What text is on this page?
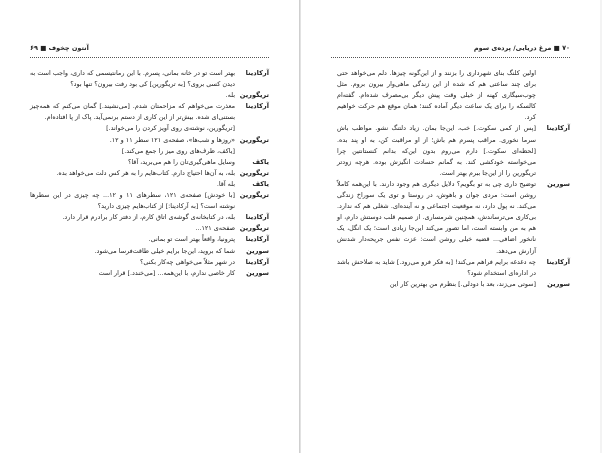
آنتون چخوف ■ ۶۹
آرکادینا
بهتر است تو در خانه بمانی، پسرم. با این رمانتیسمی که داری، واجب است به دیدن کسی بروی؟ [به تریگورین] کی بود رفت بیرون؟ تنها بود؟
تریگورین
بله.
آرکادینا
معذرت می‌خواهم که مزاحمتان شدم. [می‌نشیند.] گمان می‌کنم که همه‌چیز بستنی‌ای شده. بیش‌تر از این کاری از دستم برنمی‌آید. پاک از پا افتاده‌ام.
[تریگورین، نوشته‌ی روی آویز کردن را می‌خواند.]
تریگورین
«روزها و شب‌ها»، صفحه‌ی ۱۲۱ سطر ۱۱ و ۱۲.
[یاکف، ظرف‌های روی میز را جمع می‌کند.]
یاکف
وسایل ماهی‌گیری‌تان را هم می‌برید، آقا؟
تریگورین
بله، به آن‌ها احتیاج دارم. کتاب‌هایم را به هر کس دلت می‌خواهد بده.
یاکف
بله آقا.
تریگورین
[با خودش] صفحه‌ی ۱۲۱، سطرهای ۱۱ و ۱۲... چه چیزی در این سطرها نوشته است؟ [به آرکادینا:] از کتاب‌هایم چیزی دارید؟
آرکادینا
بله، در کتابخانه‌ی گوشه‌ی اتاق کارم، از دفتر کار برادرم قرار دارد.
تریگورین
صفحه‌ی ۱۲۱...
آرکادینا
پترونیا، واقعاً بهتر است تو بمانی.
سورین
شما که بروید، این‌جا برایم خیلی طاقت‌فرسا می‌شود.
آرکادینا
در شهر مثلاً می‌خواهی چه‌کار بکنی؟
سورین
کار خاصی ندارم، با این‌همه... [می‌خندد.] قرار است
۷۰ ■ مرغ دریایی/ پرده‌ی سوم
اولین کلنگ بنای شهرداری را بزنند و از این‌گونه چیزها. دلم می‌خواهد حتی برای چند ساعتی هم که شده از این زندگی ماهی‌وار بیرون بروم. مثل چوب‌سیگاری کهنه از خیلی وقت پیش دیگر بی‌مصرف شده‌ام. گفته‌ام کالسکه را برای یک ساعت دیگر آماده کنند؛ همان موقع هم حرکت خواهیم کرد.
آرکادینا
[پس از کمی سکوت.] خب، این‌جا بمان. زیاد دلتنگ نشو. مواظب باش سرما نخوری. مراقب پسرم هم باش؛ از او مراقبت کن، به او پند بده. [لحظه‌ای سکوت.] دارم می‌روم بدون این‌که بدانم کنستانتین چرا می‌خواسته خودکشی کند. به گمانم حسادت انگیزش بوده. هرچه زودتر تریگورین را از این‌جا ببرم بهتر است.
سورین
توضیح داری چی به تو بگویم؟ دلایل دیگری هم وجود دارند. با این‌همه کاملاً روشن است: مردی جوان و باهوش، در روستا و توی یک سوراخ زندگی می‌کند. نه پول دارد، نه موقعیت اجتماعی و نه آینده‌ای. شغلی هم که ندارد. بی‌کاری می‌ترساندش، همچنین شرمساری. از صمیم قلب دوستش دارم، او هم به من وابسته است، اما تصور می‌کند این‌جا زیادی است؛ یک انگل، یک نانخور اضافی... قضیه خیلی روشن است: عزت نفس جریحه‌دار شدنش آزارش می‌دهد.
آرکادینا
چه دغدغه برایم فراهم می‌کند! [به فکر فرو می‌رود.] شاید به صلاحش باشد در اداره‌ای استخدام شود؟
سورین
[سوتی می‌زند، بعد با دودلی.] بنظرم من بهترین کار این
